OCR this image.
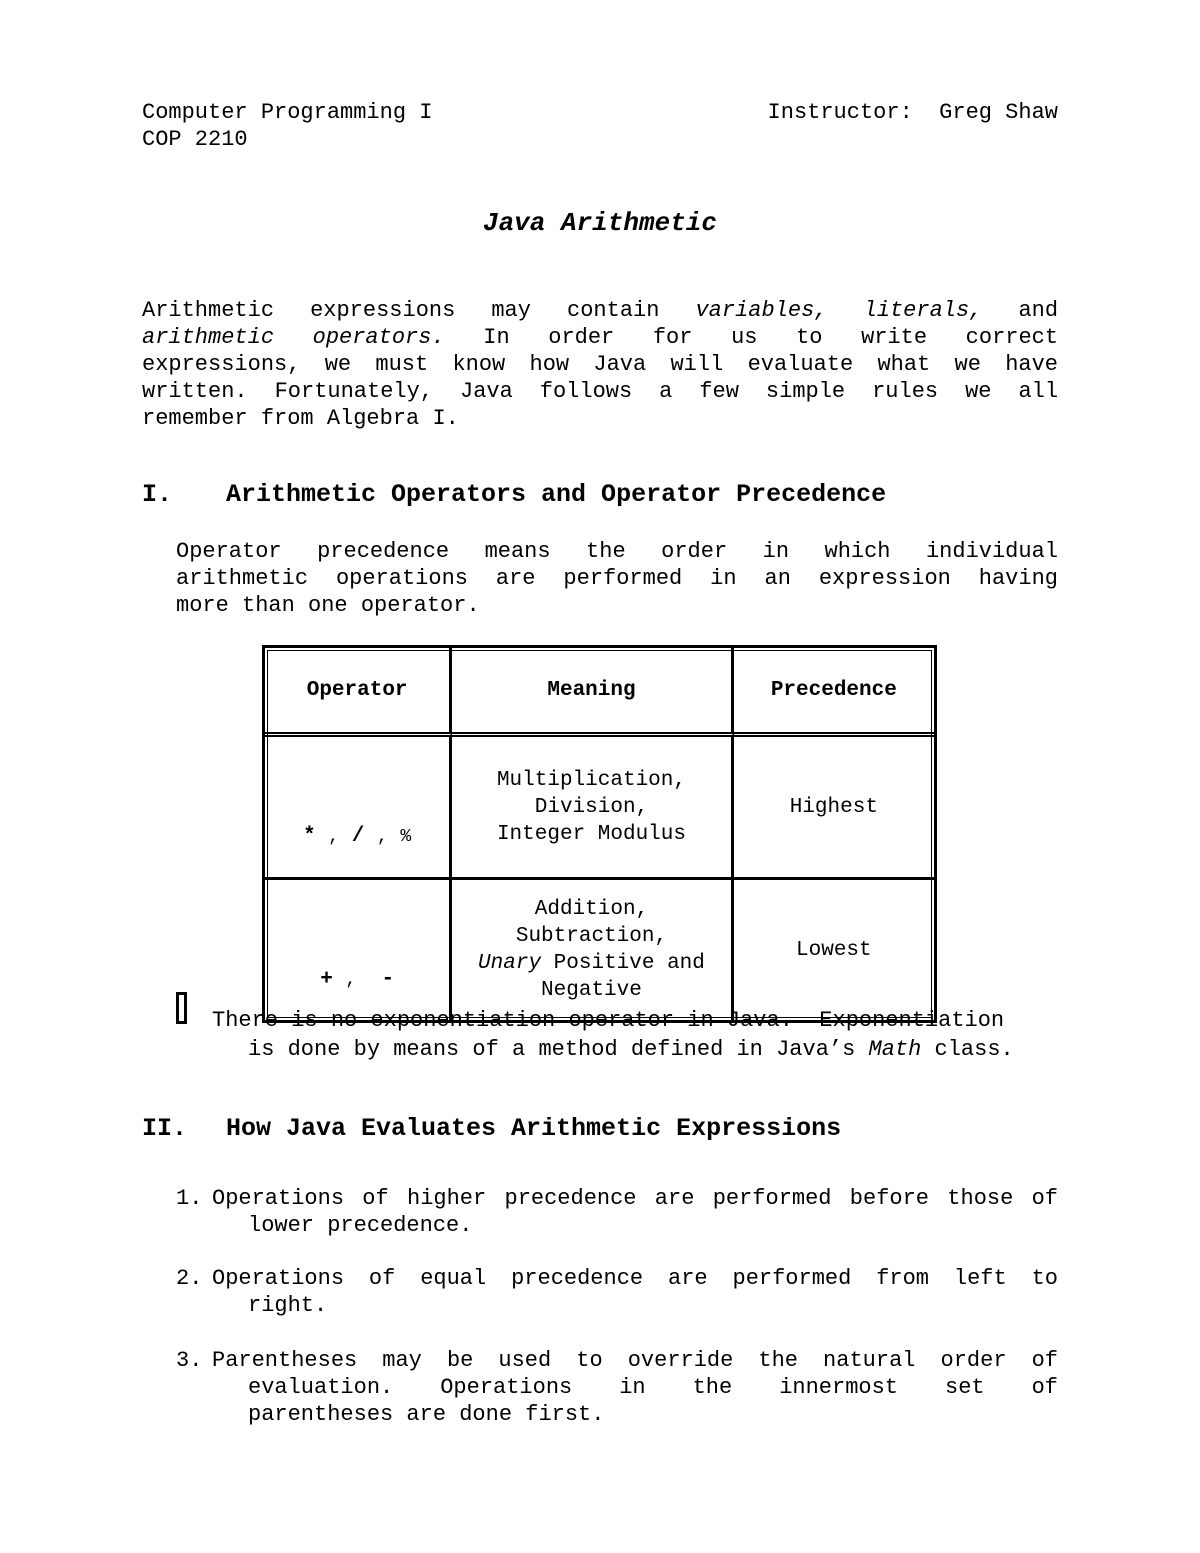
Computer Programming I
COP 2210
Instructor:  Greg Shaw
Java Arithmetic
Arithmetic expressions may contain variables, literals, and
arithmetic operators. In order for us to write correct
expressions, we must know how Java will evaluate what we have
written. Fortunately, Java follows a few simple rules we all
remember from Algebra I.
I. Arithmetic Operators and Operator Precedence
Operator precedence means the order in which individual
arithmetic operations are performed in an expression having
more than one operator.
Operator	Meaning	Precedence
* , / , %	Multiplication,
Division,
Integer Modulus	Highest
+ , -	Addition,
Subtraction,
Unary Positive and
Negative	Lowest
There is no exponentiation operator in Java.  Exponentiation
is done by means of a method defined in Java’s Math class.
II. How Java Evaluates Arithmetic Expressions
1. Operations of higher precedence are performed before those of
lower precedence.
2. Operations of equal precedence are performed from left to
right.
3. Parentheses may be used to override the natural order of
evaluation. Operations in the innermost set of
parentheses are done first.
